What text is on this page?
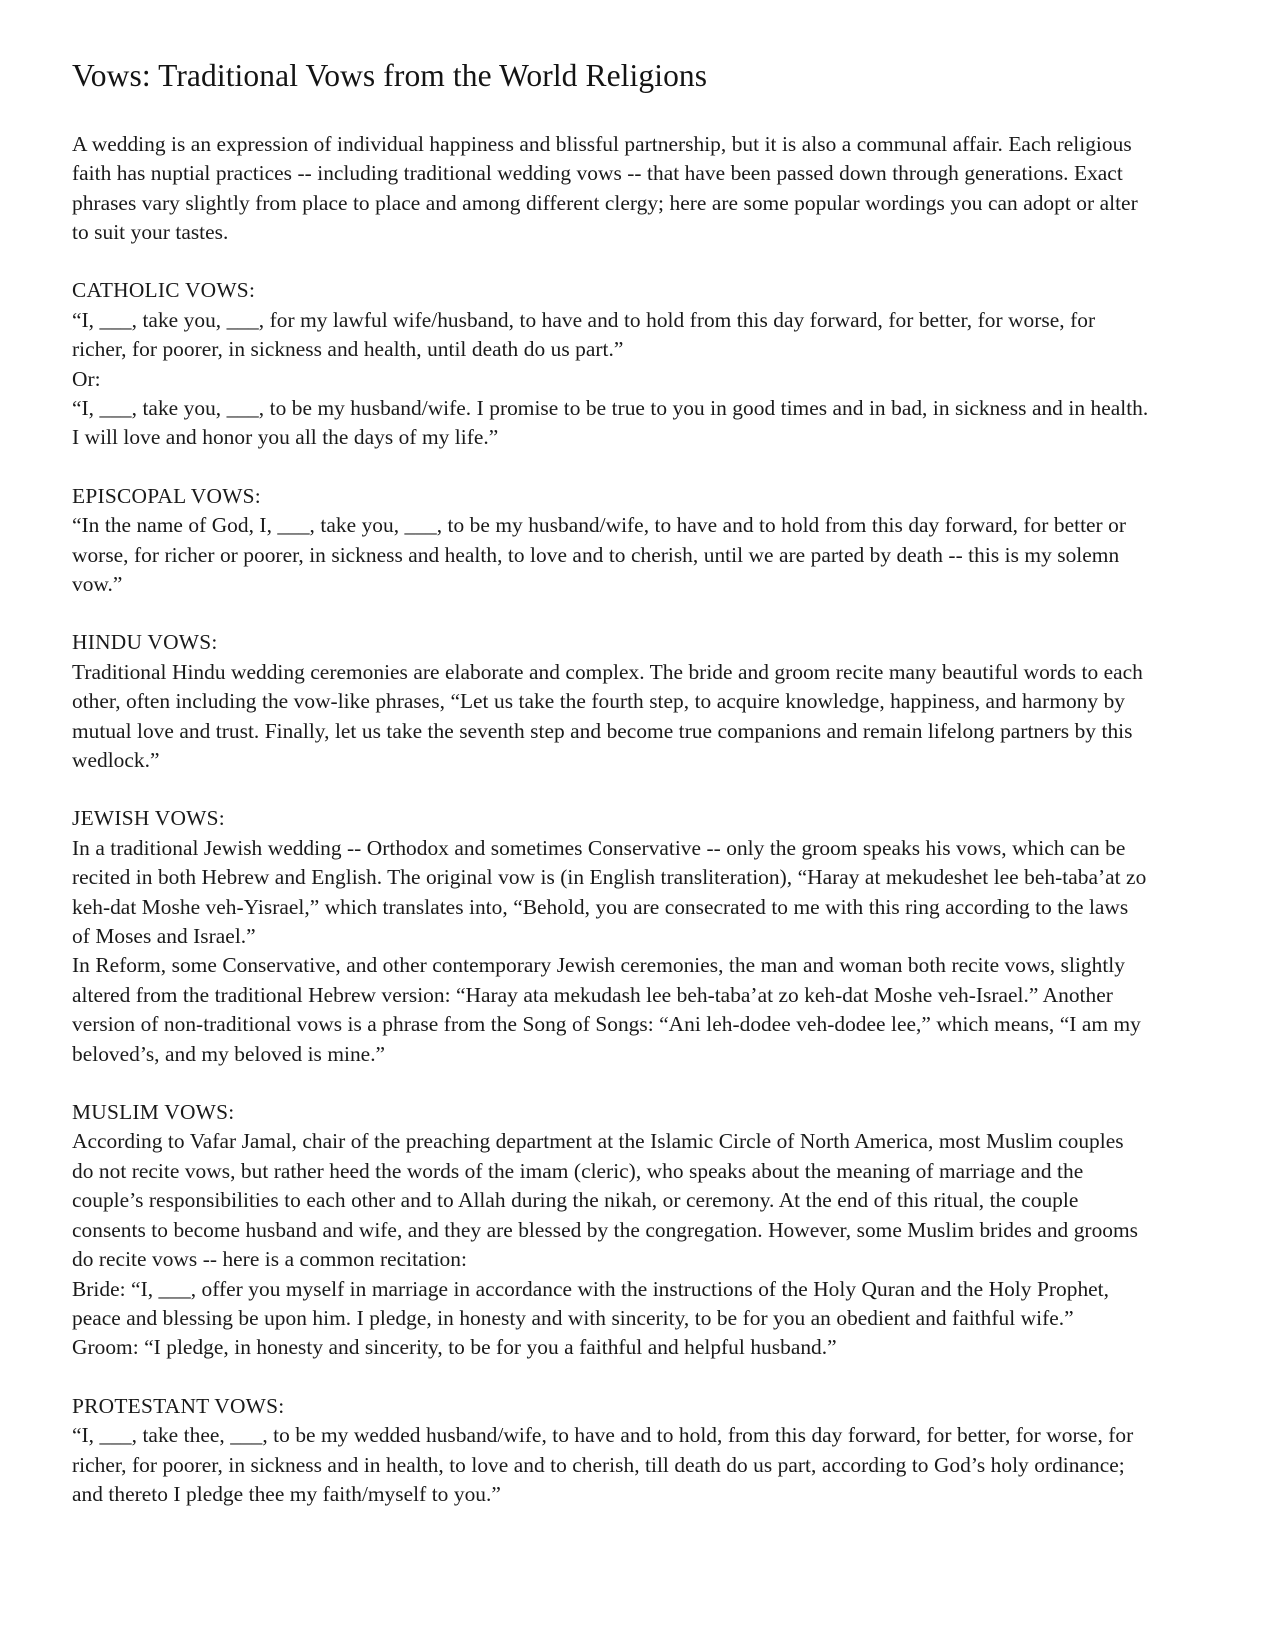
Vows: Traditional Vows from the World Religions

A wedding is an expression of individual happiness and blissful partnership, but it is also a communal affair. Each religious faith has nuptial practices -- including traditional wedding vows -- that have been passed down through generations. Exact phrases vary slightly from place to place and among different clergy; here are some popular wordings you can adopt or alter to suit your tastes.

CATHOLIC VOWS:

“I, ___, take you, ___, for my lawful wife/husband, to have and to hold from this day forward, for better, for worse, for richer, for poorer, in sickness and health, until death do us part.”

Or:

“I, ___, take you, ___, to be my husband/wife. I promise to be true to you in good times and in bad, in sickness and in health. I will love and honor you all the days of my life.”

EPISCOPAL VOWS:

“In the name of God, I, ___, take you, ___, to be my husband/wife, to have and to hold from this day forward, for better or worse, for richer or poorer, in sickness and health, to love and to cherish, until we are parted by death -- this is my solemn vow.”

HINDU VOWS:

Traditional Hindu wedding ceremonies are elaborate and complex. The bride and groom recite many beautiful words to each other, often including the vow-like phrases, “Let us take the fourth step, to acquire knowledge, happiness, and harmony by mutual love and trust. Finally, let us take the seventh step and become true companions and remain lifelong partners by this wedlock.”

JEWISH VOWS:

In a traditional Jewish wedding -- Orthodox and sometimes Conservative -- only the groom speaks his vows, which can be recited in both Hebrew and English. The original vow is (in English transliteration), “Haray at mekudeshet lee beh-taba’at zo keh-dat Moshe veh-Yisrael,” which translates into, “Behold, you are consecrated to me with this ring according to the laws of Moses and Israel.”

In Reform, some Conservative, and other contemporary Jewish ceremonies, the man and woman both recite vows, slightly altered from the traditional Hebrew version: “Haray ata mekudash lee beh-taba’at zo keh-dat Moshe veh-Israel.” Another version of non-traditional vows is a phrase from the Song of Songs: “Ani leh-dodee veh-dodee lee,” which means, “I am my beloved’s, and my beloved is mine.”

MUSLIM VOWS:

According to Vafar Jamal, chair of the preaching department at the Islamic Circle of North America, most Muslim couples do not recite vows, but rather heed the words of the imam (cleric), who speaks about the meaning of marriage and the couple’s responsibilities to each other and to Allah during the nikah, or ceremony. At the end of this ritual, the couple consents to become husband and wife, and they are blessed by the congregation. However, some Muslim brides and grooms do recite vows -- here is a common recitation:

Bride: “I, ___, offer you myself in marriage in accordance with the instructions of the Holy Quran and the Holy Prophet, peace and blessing be upon him. I pledge, in honesty and with sincerity, to be for you an obedient and faithful wife.”

Groom: “I pledge, in honesty and sincerity, to be for you a faithful and helpful husband.”

PROTESTANT VOWS:

“I, ___, take thee, ___, to be my wedded husband/wife, to have and to hold, from this day forward, for better, for worse, for richer, for poorer, in sickness and in health, to love and to cherish, till death do us part, according to God’s holy ordinance; and thereto I pledge thee my faith/myself to you.”
